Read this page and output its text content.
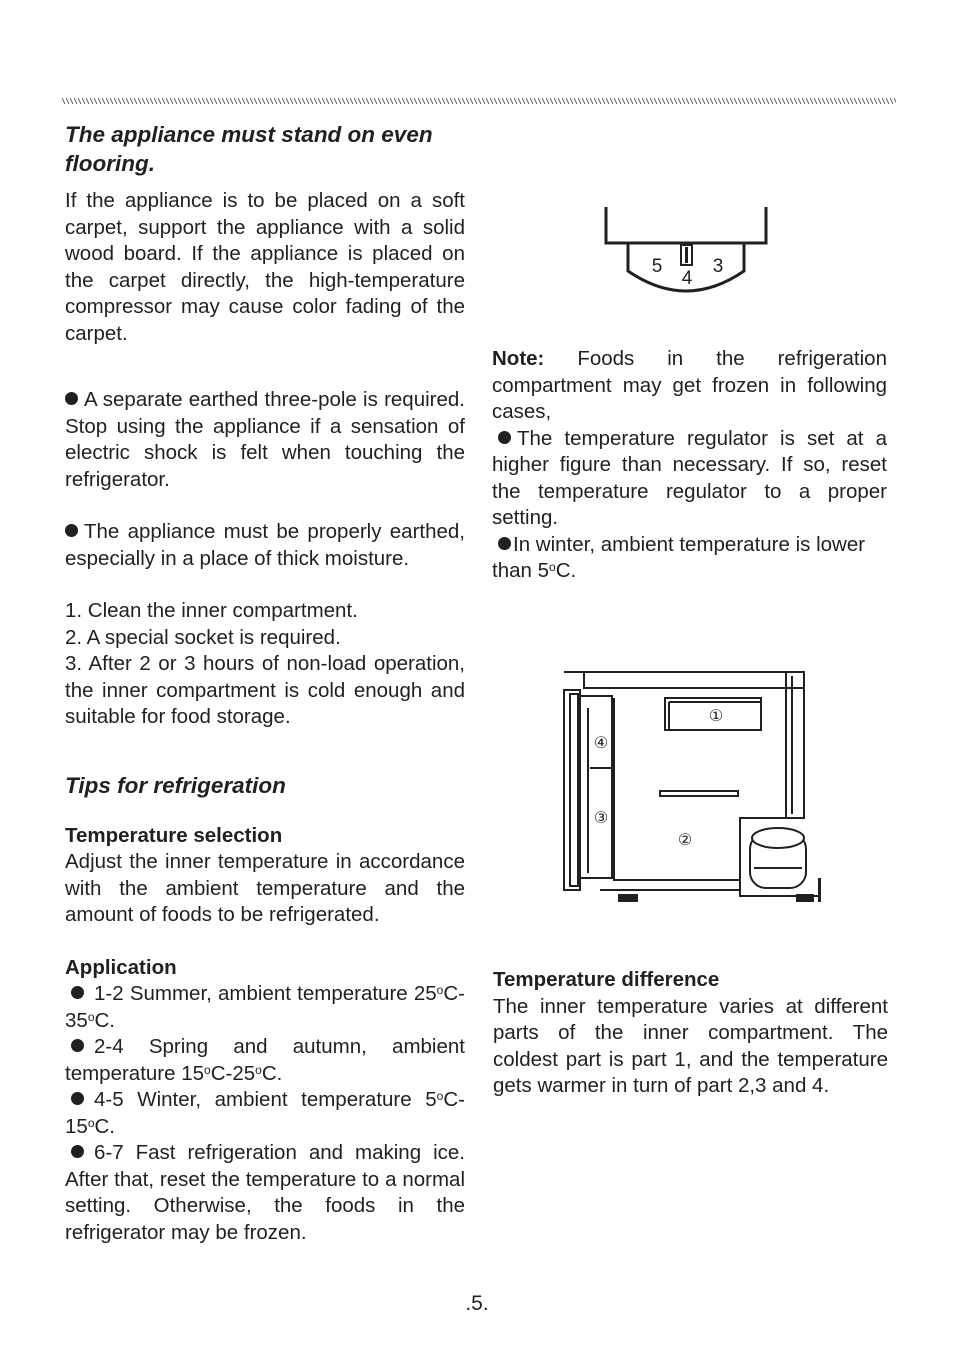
The appliance must stand on even flooring.

If the appliance is to be placed on a soft carpet, support the appliance with a solid wood board. If the appliance is placed on the carpet directly, the high-temperature compressor may cause color fading of the carpet.

A separate earthed three-pole is required. Stop using the appliance if a sensation of electric shock is felt when touching the refrigerator.

The appliance must be properly earthed, especially in a place of thick moisture.

1. Clean the inner compartment.

2. A special socket is required.

3. After 2 or 3 hours of non-load operation, the inner compartment is cold enough and suitable for food storage.

Tips for refrigeration

Temperature selection

Adjust the inner temperature in accordance with the ambient temperature and the amount of foods to be refrigerated.

Application

1-2 Summer, ambient temperature 25$^o$C-35$^o$C.

2-4 Spring and autumn, ambient temperature 15$^o$C-25$^o$C.

4-5 Winter, ambient temperature 5$^o$C-15$^o$C.

6-7 Fast refrigeration and making ice. After that, reset the temperature to a normal setting. Otherwise, the foods in the refrigerator may be frozen.

5
4
3

Note: Foods in the refrigeration compartment may get frozen in following cases,

The temperature regulator is set at a higher figure than necessary. If so, reset the temperature regulator to a proper setting.

In winter, ambient temperature is lower than 5$^o$C.

①
②
③
④

Temperature difference

The inner temperature varies at different parts of the inner compartment. The coldest part is part 1, and the temperature gets warmer in turn of part 2,3 and 4.

.5.
